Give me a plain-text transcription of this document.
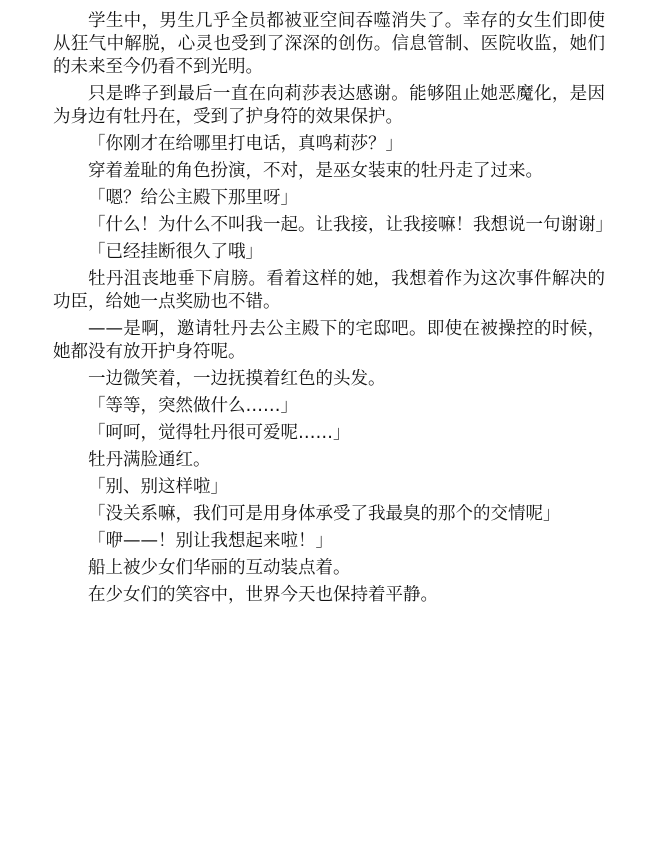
学生中，男生几乎全员都被亚空间吞噬消失了。幸存的女生们即使从狂气中解脱，心灵也受到了深深的创伤。信息管制、医院收监，她们的未来至今仍看不到光明。

只是晔子到最后一直在向莉莎表达感谢。能够阻止她恶魔化，是因为身边有牡丹在，受到了护身符的效果保护。

「你刚才在给哪里打电话，真鸣莉莎？」

穿着羞耻的角色扮演，不对，是巫女装束的牡丹走了过来。

「嗯？给公主殿下那里呀」

「什么！为什么不叫我一起。让我接，让我接嘛！我想说一句谢谢」

「已经挂断很久了哦」

牡丹沮丧地垂下肩膀。看着这样的她，我想着作为这次事件解决的功臣，给她一点奖励也不错。

——是啊，邀请牡丹去公主殿下的宅邸吧。即使在被操控的时候，她都没有放开护身符呢。

一边微笑着，一边抚摸着红色的头发。

「等等，突然做什么……」

「呵呵，觉得牡丹很可爱呢……」

牡丹满脸通红。

「别、别这样啦」

「没关系嘛，我们可是用身体承受了我最臭的那个的交情呢」

「咿——！别让我想起来啦！」

船上被少女们华丽的互动装点着。

在少女们的笑容中，世界今天也保持着平静。
